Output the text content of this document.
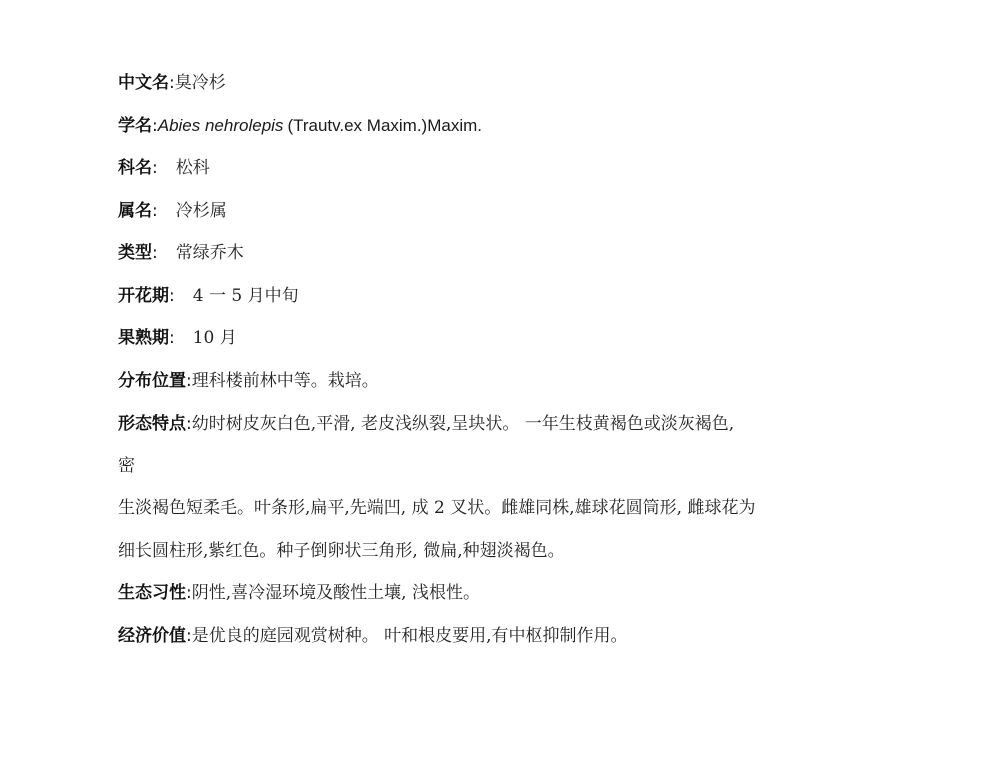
中文名:臭冷杉
学名:Abies nehrolepis (Trautv.ex Maxim.)Maxim.
科名: 松科
属名: 冷杉属
类型: 常绿乔木
开花期: 4 一 5 月中旬
果熟期: 10 月
分布位置:理科楼前林中等。栽培。
形态特点:幼时树皮灰白色,平滑, 老皮浅纵裂,呈块状。 一年生枝黄褐色或淡灰褐色,
密
生淡褐色短柔毛。叶条形,扁平,先端凹, 成 2 叉状。雌雄同株,雄球花圆筒形, 雌球花为
细长圆柱形,紫红色。种子倒卵状三角形, 微扁,种翅淡褐色。
生态习性:阴性,喜冷湿环境及酸性土壤, 浅根性。
经济价值:是优良的庭园观赏树种。 叶和根皮要用,有中枢抑制作用。
